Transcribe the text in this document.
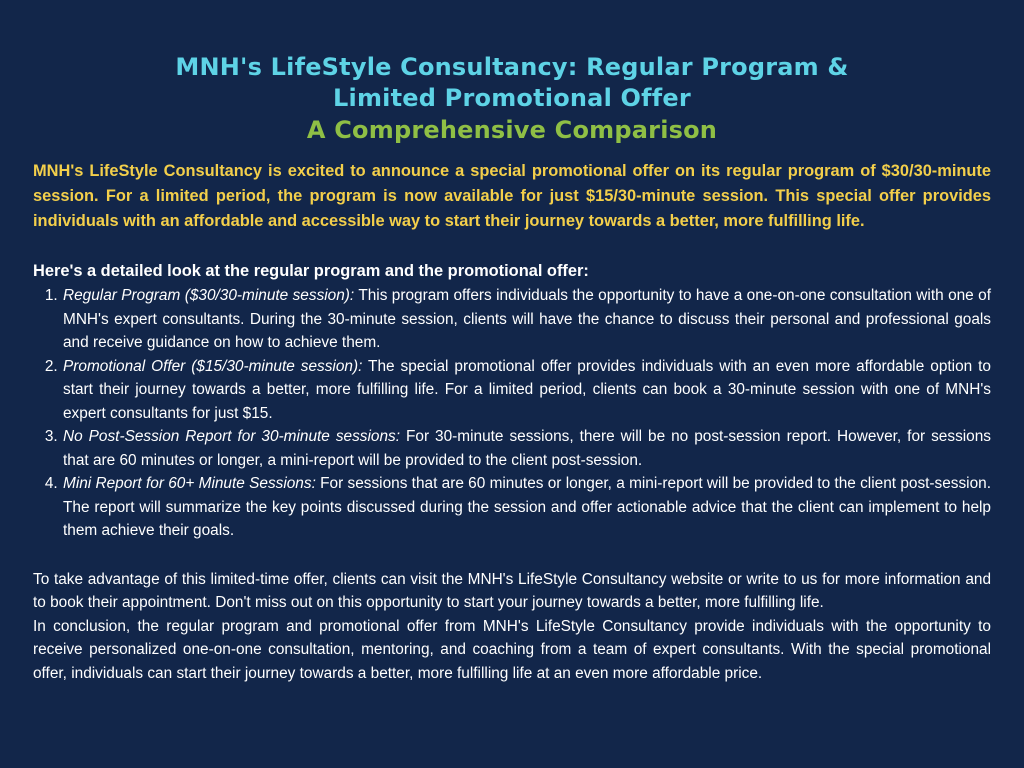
MNH's LifeStyle Consultancy: Regular Program &
Limited Promotional Offer
A Comprehensive Comparison

MNH's LifeStyle Consultancy is excited to announce a special promotional offer on its regular program of $30/30-minute session. For a limited period, the program is now available for just $15/30-minute session. This special offer provides individuals with an affordable and accessible way to start their journey towards a better, more fulfilling life.

Here's a detailed look at the regular program and the promotional offer:
1. Regular Program ($30/30-minute session): This program offers individuals the opportunity to have a one-on-one consultation with one of MNH's expert consultants. During the 30-minute session, clients will have the chance to discuss their personal and professional goals and receive guidance on how to achieve them.
2. Promotional Offer ($15/30-minute session): The special promotional offer provides individuals with an even more affordable option to start their journey towards a better, more fulfilling life. For a limited period, clients can book a 30-minute session with one of MNH's expert consultants for just $15.
3. No Post-Session Report for 30-minute sessions: For 30-minute sessions, there will be no post-session report. However, for sessions that are 60 minutes or longer, a mini-report will be provided to the client post-session.
4. Mini Report for 60+ Minute Sessions: For sessions that are 60 minutes or longer, a mini-report will be provided to the client post-session. The report will summarize the key points discussed during the session and offer actionable advice that the client can implement to help them achieve their goals.

To take advantage of this limited-time offer, clients can visit the MNH's LifeStyle Consultancy website or write to us for more information and to book their appointment. Don't miss out on this opportunity to start your journey towards a better, more fulfilling life.

In conclusion, the regular program and promotional offer from MNH's LifeStyle Consultancy provide individuals with the opportunity to receive personalized one-on-one consultation, mentoring, and coaching from a team of expert consultants. With the special promotional offer, individuals can start their journey towards a better, more fulfilling life at an even more affordable price.
